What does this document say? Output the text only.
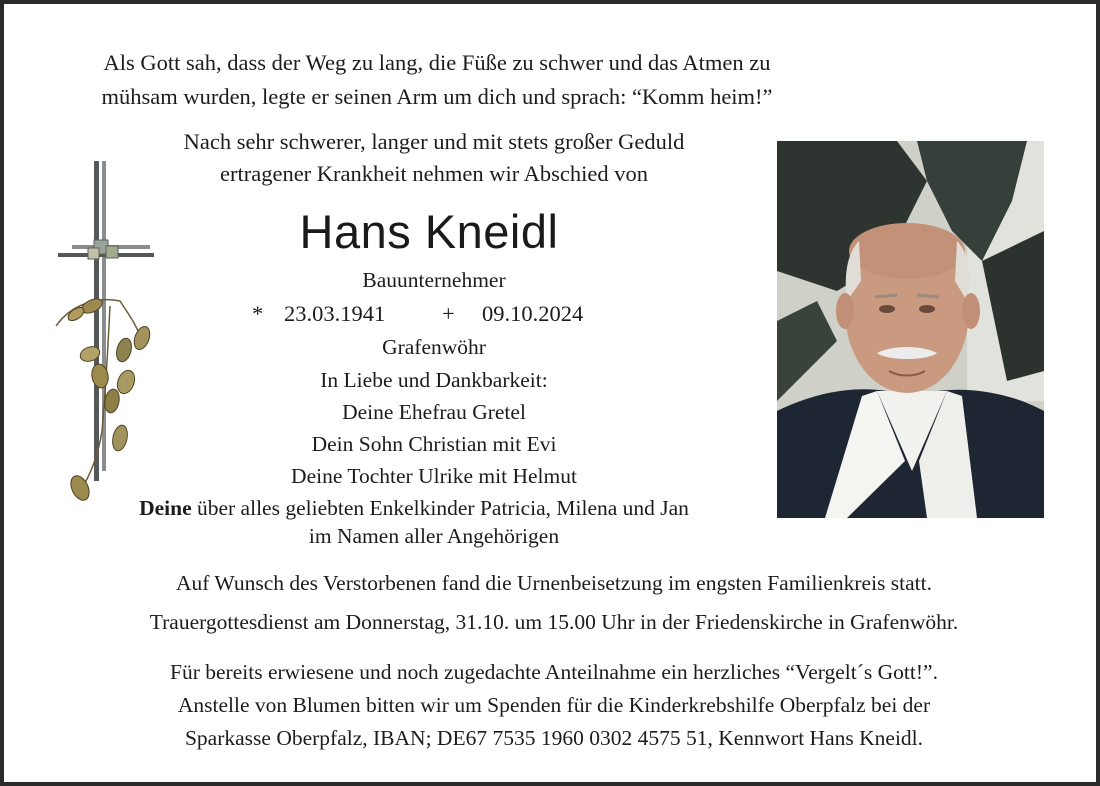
Als Gott sah, dass der Weg zu lang, die Füße zu schwer und das Atmen zu
mühsam wurden, legte er seinen Arm um dich und sprach: “Komm heim!”
Nach sehr schwerer, langer und mit stets großer Geduld
ertragener Krankheit nehmen wir Abschied von
Hans Kneidl
Bauunternehmer
* 23.03.1941	+ 09.10.2024
Grafenwöhr
In Liebe und Dankbarkeit:
Deine Ehefrau Gretel
Dein Sohn Christian mit Evi
Deine Tochter Ulrike mit Helmut
Deine über alles geliebten Enkelkinder Patricia, Milena und Jan
im Namen aller Angehörigen
Auf Wunsch des Verstorbenen fand die Urnenbeisetzung im engsten Familienkreis statt.
Trauergottesdienst am Donnerstag, 31.10. um 15.00 Uhr in der Friedenskirche in Grafenwöhr.
Für bereits erwiesene und noch zugedachte Anteilnahme ein herzliches “Vergelt´s Gott!”.
Anstelle von Blumen bitten wir um Spenden für die Kinderkrebshilfe Oberpfalz bei der
Sparkasse Oberpfalz, IBAN; DE67 7535 1960 0302 4575 51, Kennwort Hans Kneidl.
